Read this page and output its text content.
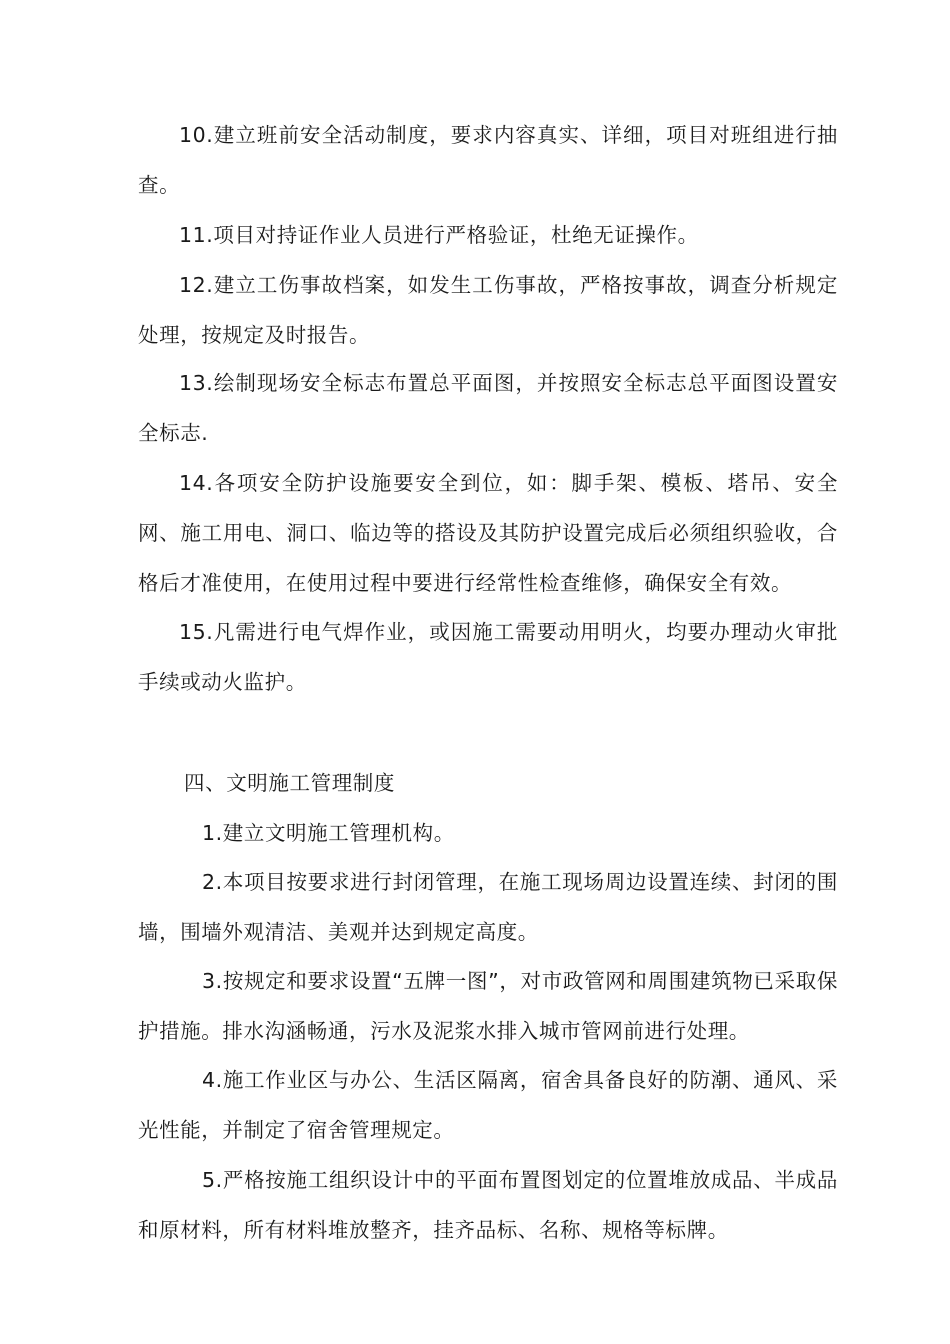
10.建立班前安全活动制度，要求内容真实、详细，项目对班组进行抽查。

11.项目对持证作业人员进行严格验证，杜绝无证操作。

12.建立工伤事故档案，如发生工伤事故，严格按事故，调查分析规定处理，按规定及时报告。

13.绘制现场安全标志布置总平面图，并按照安全标志总平面图设置安全标志.

14.各项安全防护设施要安全到位，如：脚手架、模板、塔吊、安全网、施工用电、洞口、临边等的搭设及其防护设置完成后必须组织验收，合格后才准使用，在使用过程中要进行经常性检查维修，确保安全有效。

15.凡需进行电气焊作业，或因施工需要动用明火，均要办理动火审批手续或动火监护。

四、文明施工管理制度

1.建立文明施工管理机构。

2.本项目按要求进行封闭管理，在施工现场周边设置连续、封闭的围墙，围墙外观清洁、美观并达到规定高度。

3.按规定和要求设置“五牌一图”，对市政管网和周围建筑物已采取保护措施。排水沟涵畅通，污水及泥浆水排入城市管网前进行处理。

4.施工作业区与办公、生活区隔离，宿舍具备良好的防潮、通风、采光性能，并制定了宿舍管理规定。

5.严格按施工组织设计中的平面布置图划定的位置堆放成品、半成品和原材料，所有材料堆放整齐，挂齐品标、名称、规格等标牌。
